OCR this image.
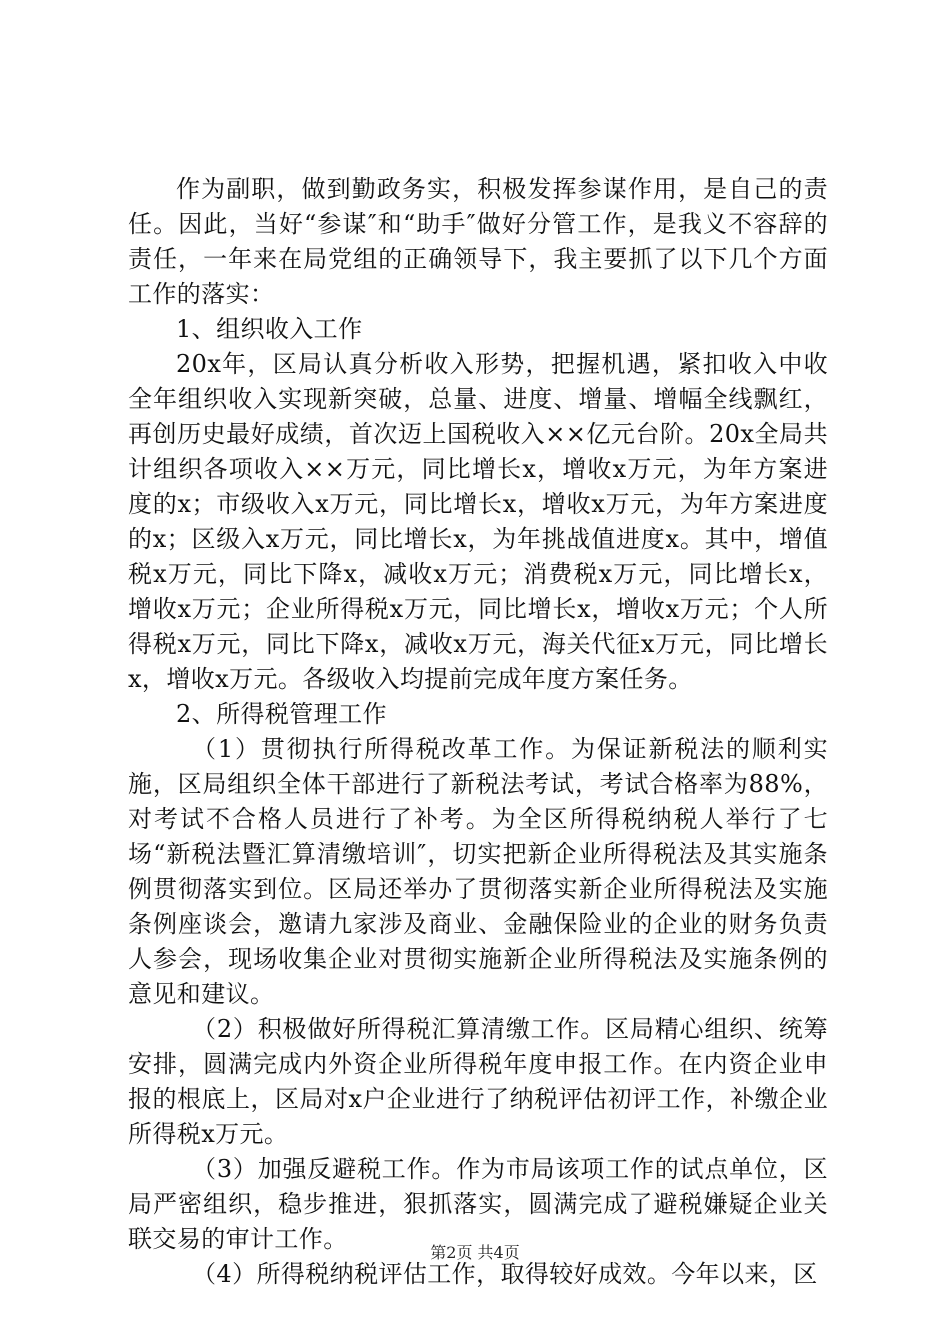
作为副职，做到勤政务实，积极发挥参谋作用，是自己的责任。因此，当好“参谋″和“助手″做好分管工作，是我义不容辞的责任，一年来在局党组的正确领导下，我主要抓了以下几个方面工作的落实：

1、组织收入工作

20x年，区局认真分析收入形势，把握机遇，紧扣收入中收全年组织收入实现新突破，总量、进度、增量、增幅全线飘红，再创历史最好成绩，首次迈上国税收入××亿元台阶。20x全局共计组织各项收入××万元，同比增长x，增收x万元，为年方案进度的x；市级收入x万元，同比增长x，增收x万元，为年方案进度的x；区级入x万元，同比增长x，为年挑战值进度x。其中，增值税x万元，同比下降x，减收x万元；消费税x万元，同比增长x，增收x万元；企业所得税x万元，同比增长x，增收x万元；个人所得税x万元，同比下降x，减收x万元，海关代征x万元，同比增长x，增收x万元。各级收入均提前完成年度方案任务。

2、所得税管理工作

（1）贯彻执行所得税改革工作。为保证新税法的顺利实施，区局组织全体干部进行了新税法考试，考试合格率为88%，对考试不合格人员进行了补考。为全区所得税纳税人举行了七场“新税法暨汇算清缴培训″，切实把新企业所得税法及其实施条例贯彻落实到位。区局还举办了贯彻落实新企业所得税法及实施条例座谈会，邀请九家涉及商业、金融保险业的企业的财务负责人参会，现场收集企业对贯彻实施新企业所得税法及实施条例的意见和建议。

（2）积极做好所得税汇算清缴工作。区局精心组织、统筹安排，圆满完成内外资企业所得税年度申报工作。在内资企业申报的根底上，区局对x户企业进行了纳税评估初评工作，补缴企业所得税x万元。

（3）加强反避税工作。作为市局该项工作的试点单位，区局严密组织，稳步推进，狠抓落实，圆满完成了避税嫌疑企业关联交易的审计工作。

（4）所得税纳税评估工作，取得较好成效。今年以来，区

第2页 共4页
